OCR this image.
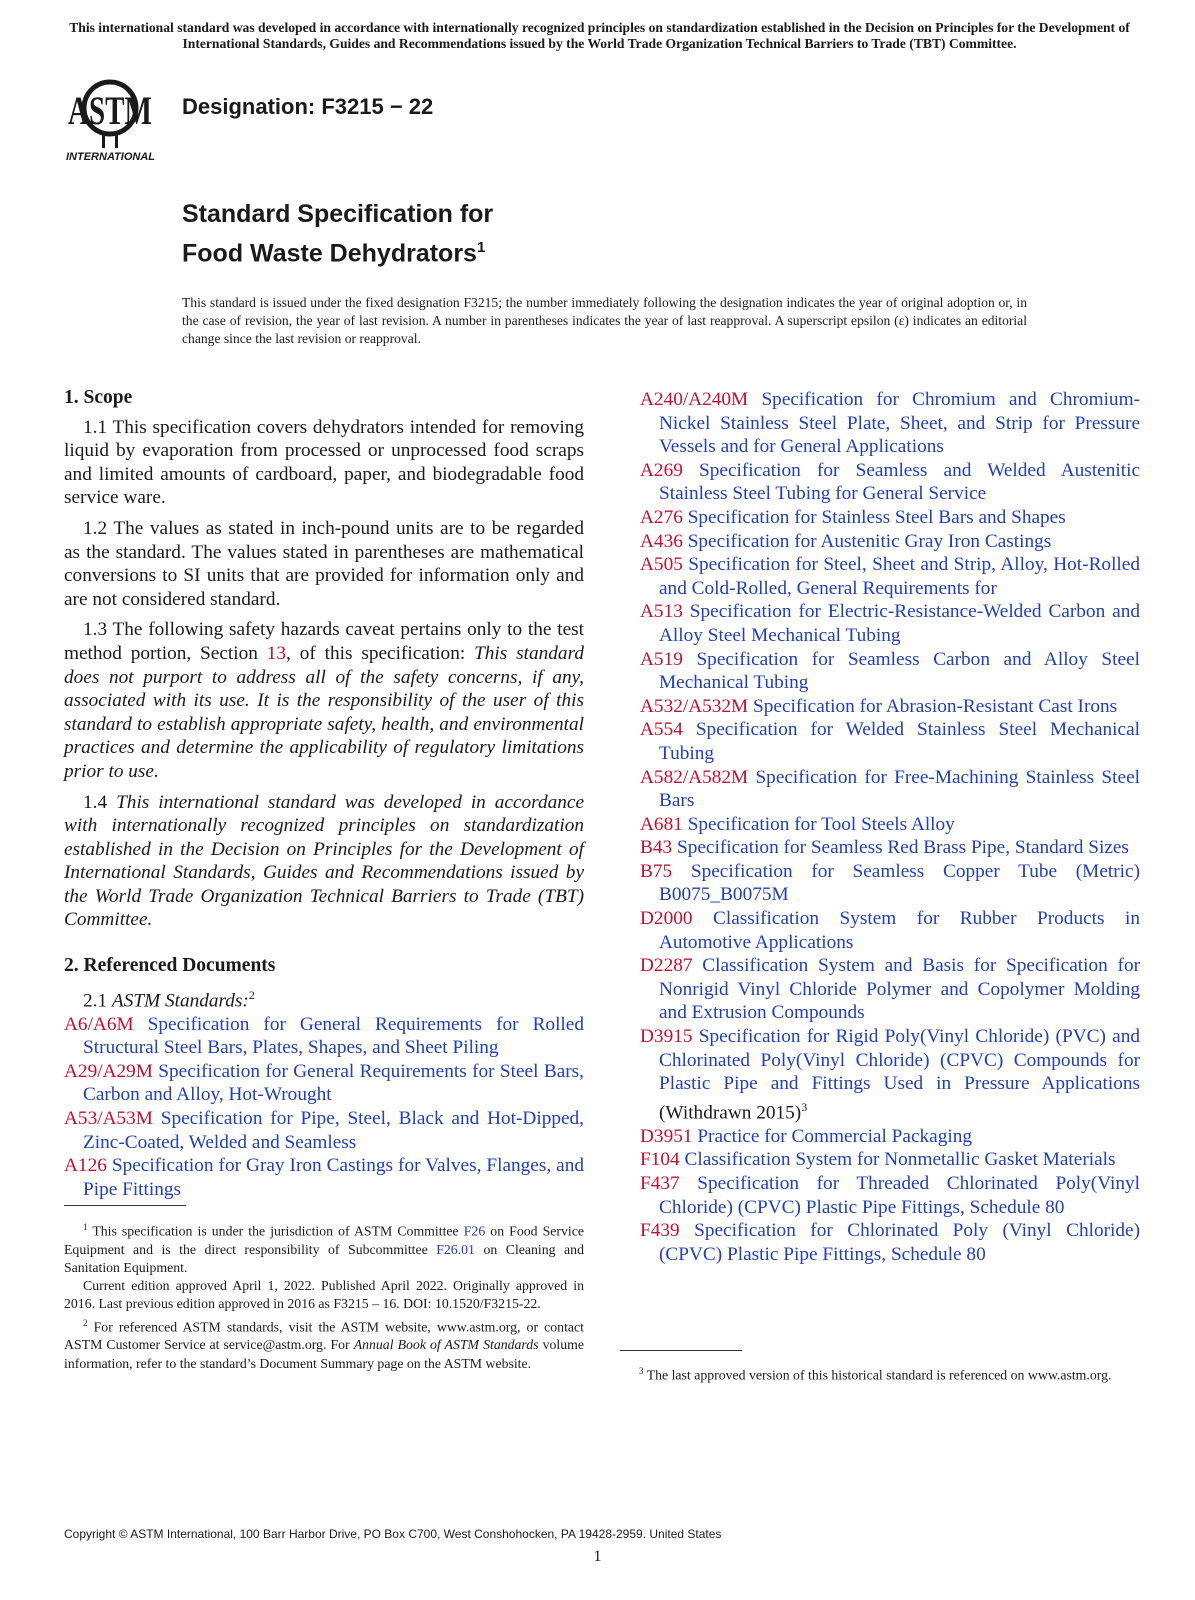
This international standard was developed in accordance with internationally recognized principles on standardization established in the Decision on Principles for the Development of International Standards, Guides and Recommendations issued by the World Trade Organization Technical Barriers to Trade (TBT) Committee.
ASTM
INTERNATIONAL
Designation: F3215 − 22
Standard Specification for
Food Waste Dehydrators$^1$
This standard is issued under the fixed designation F3215; the number immediately following the designation indicates the year of original adoption or, in the case of revision, the year of last revision. A number in parentheses indicates the year of last reapproval. A superscript epsilon (ε) indicates an editorial change since the last revision or reapproval.
1. Scope

1.1 This specification covers dehydrators intended for removing liquid by evaporation from processed or unprocessed food scraps and limited amounts of cardboard, paper, and biodegradable food service ware.

1.2 The values as stated in inch-pound units are to be regarded as the standard. The values stated in parentheses are mathematical conversions to SI units that are provided for information only and are not considered standard.

1.3 The following safety hazards caveat pertains only to the test method portion, Section 13, of this specification: This standard does not purport to address all of the safety concerns, if any, associated with its use. It is the responsibility of the user of this standard to establish appropriate safety, health, and environmental practices and determine the applicability of regulatory limitations prior to use.

1.4 This international standard was developed in accordance with internationally recognized principles on standardization established in the Decision on Principles for the Development of International Standards, Guides and Recommendations issued by the World Trade Organization Technical Barriers to Trade (TBT) Committee.

2. Referenced Documents

2.1 ASTM Standards:$^2$

A6/A6M Specification for General Requirements for Rolled Structural Steel Bars, Plates, Shapes, and Sheet Piling

A29/A29M Specification for General Requirements for Steel Bars, Carbon and Alloy, Hot-Wrought

A53/A53M Specification for Pipe, Steel, Black and Hot-Dipped, Zinc-Coated, Welded and Seamless

A126 Specification for Gray Iron Castings for Valves, Flanges, and Pipe Fittings

$^1$ This specification is under the jurisdiction of ASTM Committee F26 on Food Service Equipment and is the direct responsibility of Subcommittee F26.01 on Cleaning and Sanitation Equipment.

Current edition approved April 1, 2022. Published April 2022. Originally approved in 2016. Last previous edition approved in 2016 as F3215 – 16. DOI: 10.1520/F3215-22.

$^2$ For referenced ASTM standards, visit the ASTM website, www.astm.org, or contact ASTM Customer Service at service@astm.org. For Annual Book of ASTM Standards volume information, refer to the standard’s Document Summary page on the ASTM website.

A240/A240M Specification for Chromium and Chromium-Nickel Stainless Steel Plate, Sheet, and Strip for Pressure Vessels and for General Applications

A269 Specification for Seamless and Welded Austenitic Stainless Steel Tubing for General Service

A276 Specification for Stainless Steel Bars and Shapes

A436 Specification for Austenitic Gray Iron Castings

A505 Specification for Steel, Sheet and Strip, Alloy, Hot-Rolled and Cold-Rolled, General Requirements for

A513 Specification for Electric-Resistance-Welded Carbon and Alloy Steel Mechanical Tubing

A519 Specification for Seamless Carbon and Alloy Steel Mechanical Tubing

A532/A532M Specification for Abrasion-Resistant Cast Irons

A554 Specification for Welded Stainless Steel Mechanical Tubing

A582/A582M Specification for Free-Machining Stainless Steel Bars

A681 Specification for Tool Steels Alloy

B43 Specification for Seamless Red Brass Pipe, Standard Sizes

B75 Specification for Seamless Copper Tube (Metric) B0075_B0075M

D2000 Classification System for Rubber Products in Automotive Applications

D2287 Classification System and Basis for Specification for Nonrigid Vinyl Chloride Polymer and Copolymer Molding and Extrusion Compounds

D3915 Specification for Rigid Poly(Vinyl Chloride) (PVC) and Chlorinated Poly(Vinyl Chloride) (CPVC) Compounds for Plastic Pipe and Fittings Used in Pressure Applications (Withdrawn 2015)$^3$

D3951 Practice for Commercial Packaging

F104 Classification System for Nonmetallic Gasket Materials

F437 Specification for Threaded Chlorinated Poly(Vinyl Chloride) (CPVC) Plastic Pipe Fittings, Schedule 80

F439 Specification for Chlorinated Poly (Vinyl Chloride) (CPVC) Plastic Pipe Fittings, Schedule 80

$^3$ The last approved version of this historical standard is referenced on www.astm.org.

Copyright © ASTM International, 100 Barr Harbor Drive, PO Box C700, West Conshohocken, PA 19428-2959. United States
1
